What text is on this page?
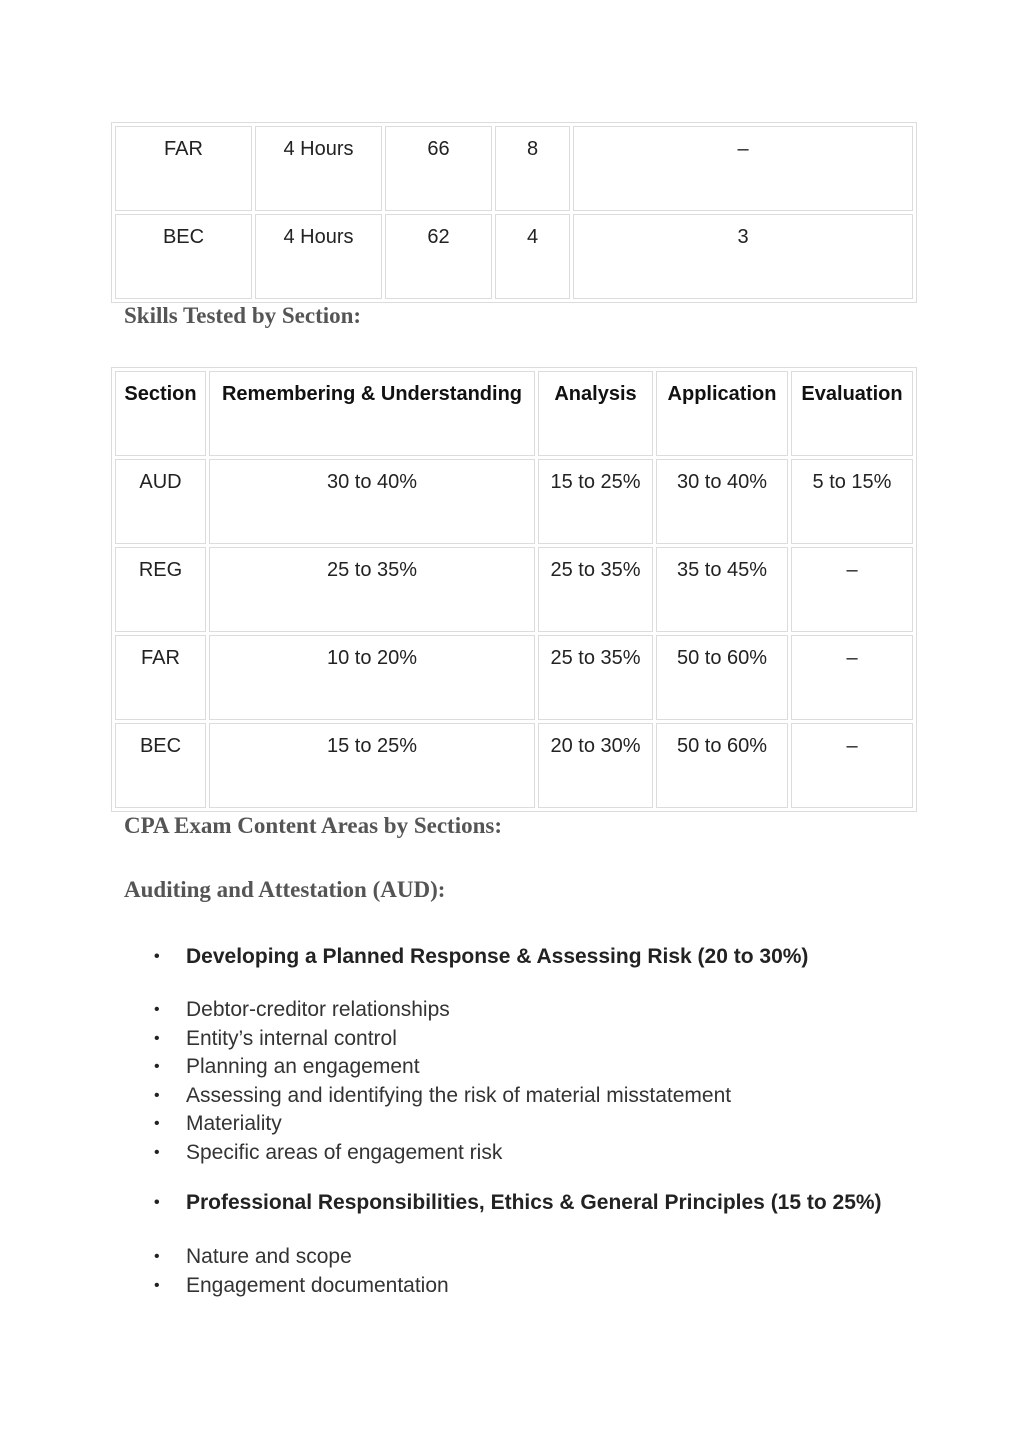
FAR	4 Hours	66	8	–
BEC	4 Hours	62	4	3
Skills Tested by Section:
Section	Remembering & Understanding	Analysis	Application	Evaluation
AUD	30 to 40%	15 to 25%	30 to 40%	5 to 15%
REG	25 to 35%	25 to 35%	35 to 45%	–
FAR	10 to 20%	25 to 35%	50 to 60%	–
BEC	15 to 25%	20 to 30%	50 to 60%	–
CPA Exam Content Areas by Sections:
Auditing and Attestation (AUD):
• Developing a Planned Response & Assessing Risk (20 to 30%)
• Debtor-creditor relationships
• Entity’s internal control
• Planning an engagement
• Assessing and identifying the risk of material misstatement
• Materiality
• Specific areas of engagement risk
• Professional Responsibilities, Ethics & General Principles (15 to 25%)
• Nature and scope
• Engagement documentation
